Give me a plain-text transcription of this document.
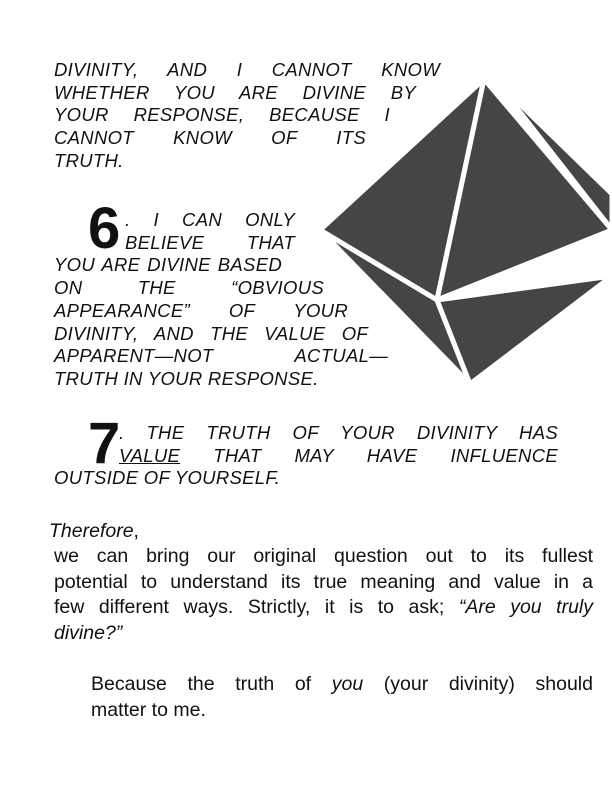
DIVINITY, AND I CANNOT KNOW
WHETHER YOU ARE DIVINE BY
YOUR RESPONSE, BECAUSE I
CANNOT KNOW OF ITS
TRUTH.
6 . I CAN ONLY
BELIEVE THAT
YOU ARE DIVINE BASED
ON THE “OBVIOUS
APPEARANCE” OF YOUR
DIVINITY, AND THE VALUE OF
APPARENT—NOT ACTUAL—
TRUTH IN YOUR RESPONSE.
7
. THE TRUTH OF YOUR DIVINITY HAS
VALUE THAT MAY HAVE INFLUENCE
OUTSIDE OF YOURSELF.
Therefore,
we can bring our original question out to its fullest
potential to understand its true meaning and value in a
few different ways. Strictly, it is to ask; “Are you truly
divine?”
Because the truth of you (your divinity) should
matter to me.
